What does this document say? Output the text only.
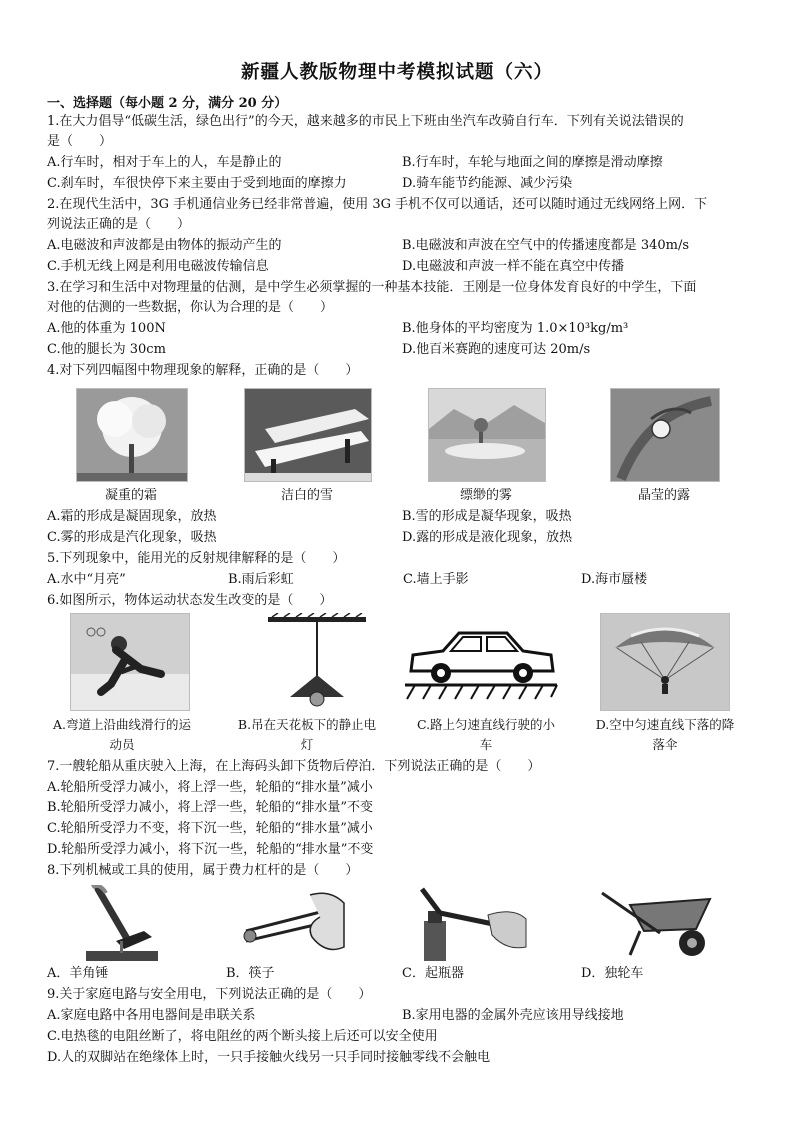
新疆人教版物理中考模拟试题（六）
一、选择题（每小题 2 分，满分 20 分）
1.在大力倡导“低碳生活，绿色出行”的今天，越来越多的市民上下班由坐汽车改骑自行车．下列有关说法错误的
是（　　）
A.行车时，相对于车上的人，车是静止的	B.行车时，车轮与地面之间的摩擦是滑动摩擦
C.刹车时，车很快停下来主要由于受到地面的摩擦力	D.骑车能节约能源、减少污染
2.在现代生活中，3G 手机通信业务已经非常普遍，使用 3G 手机不仅可以通话，还可以随时通过无线网络上网．下
列说法正确的是（　　）
A.电磁波和声波都是由物体的振动产生的	B.电磁波和声波在空气中的传播速度都是 340m/s
C.手机无线上网是利用电磁波传输信息	D.电磁波和声波一样不能在真空中传播
3.在学习和生活中对物理量的估测，是中学生必须掌握的一种基本技能．王刚是一位身体发育良好的中学生，下面
对他的估测的一些数据，你认为合理的是（　　）
A.他的体重为 100N	B.他身体的平均密度为 1.0×10³kg/m³
C.他的腿长为 30cm	D.他百米赛跑的速度可达 20m/s
4.对下列四幅图中物理现象的解释，正确的是（　　）
凝重的霜	洁白的雪	缥缈的雾	晶莹的露
A.霜的形成是凝固现象，放热	B.雪的形成是凝华现象，吸热
C.雾的形成是汽化现象，吸热	D.露的形成是液化现象，放热
5.下列现象中，能用光的反射规律解释的是（　　）
A.水中“月亮”	B.雨后彩虹	C.墙上手影	D.海市蜃楼
6.如图所示，物体运动状态发生改变的是（　　）
A.弯道上沿曲线滑行的运
动员
B.吊在天花板下的静止电
灯
C.路上匀速直线行驶的小
车
D.空中匀速直线下落的降
落伞
7.一艘轮船从重庆驶入上海，在上海码头卸下货物后停泊．下列说法正确的是（　　）
A.轮船所受浮力减小，将上浮一些，轮船的“排水量”减小
B.轮船所受浮力减小，将上浮一些，轮船的“排水量”不变
C.轮船所受浮力不变，将下沉一些，轮船的“排水量”减小
D.轮船所受浮力减小，将下沉一些，轮船的“排水量”不变
8.下列机械或工具的使用，属于费力杠杆的是（　　）
A．羊角锤	B．筷子	C．起瓶器	D．独轮车
9.关于家庭电路与安全用电，下列说法正确的是（　　）
A.家庭电路中各用电器间是串联关系	B.家用电器的金属外壳应该用导线接地
C.电热毯的电阻丝断了，将电阻丝的两个断头接上后还可以安全使用
D.人的双脚站在绝缘体上时，一只手接触火线另一只手同时接触零线不会触电
